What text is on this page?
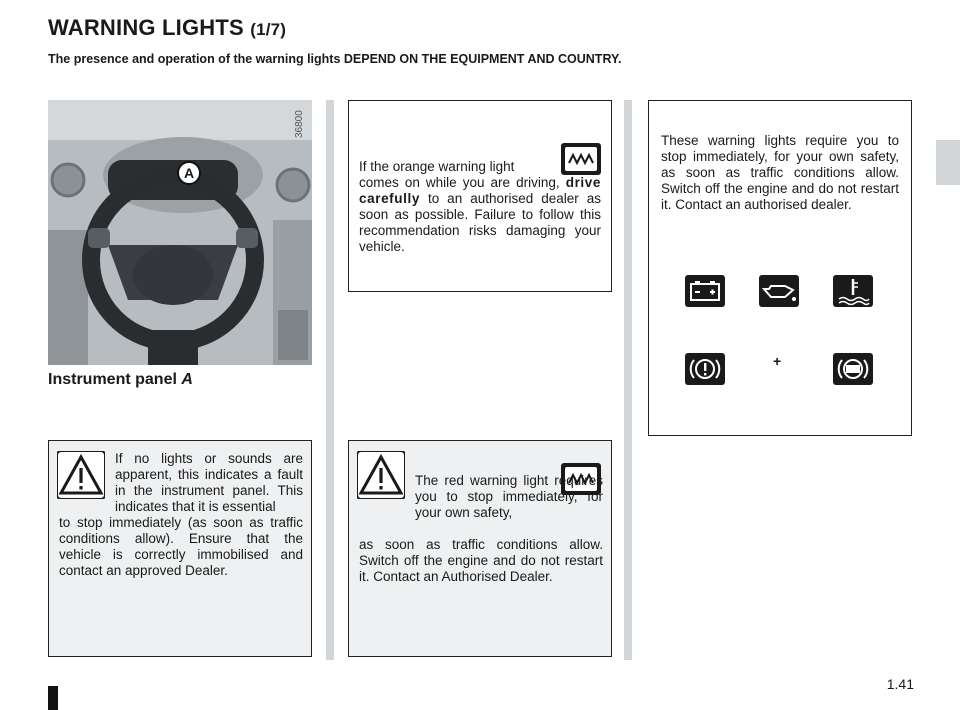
WARNING LIGHTS (1/7)
The presence and operation of the warning lights DEPEND ON THE EQUIPMENT AND COUNTRY.
A
36800
Instrument panel A

If the orange warning light
comes on while you are driving, drive carefully to an authorised dealer as soon as possible. Failure to follow this recommendation risks damaging your vehicle.

These warning lights require you to stop immediately, for your own safety, as soon as traffic conditions allow. Switch off the engine and do not restart it. Contact an authorised dealer.

+

If no lights or sounds are apparent, this indicates a fault in the instrument panel. This indicates that it is essential

to stop immediately (as soon as traffic conditions allow). Ensure that the vehicle is correctly immobilised and contact an approved Dealer.

The red warning light requires you to stop immediately, for your own safety,

as soon as traffic conditions allow. Switch off the engine and do not restart it. Contact an Authorised Dealer.

1.41
